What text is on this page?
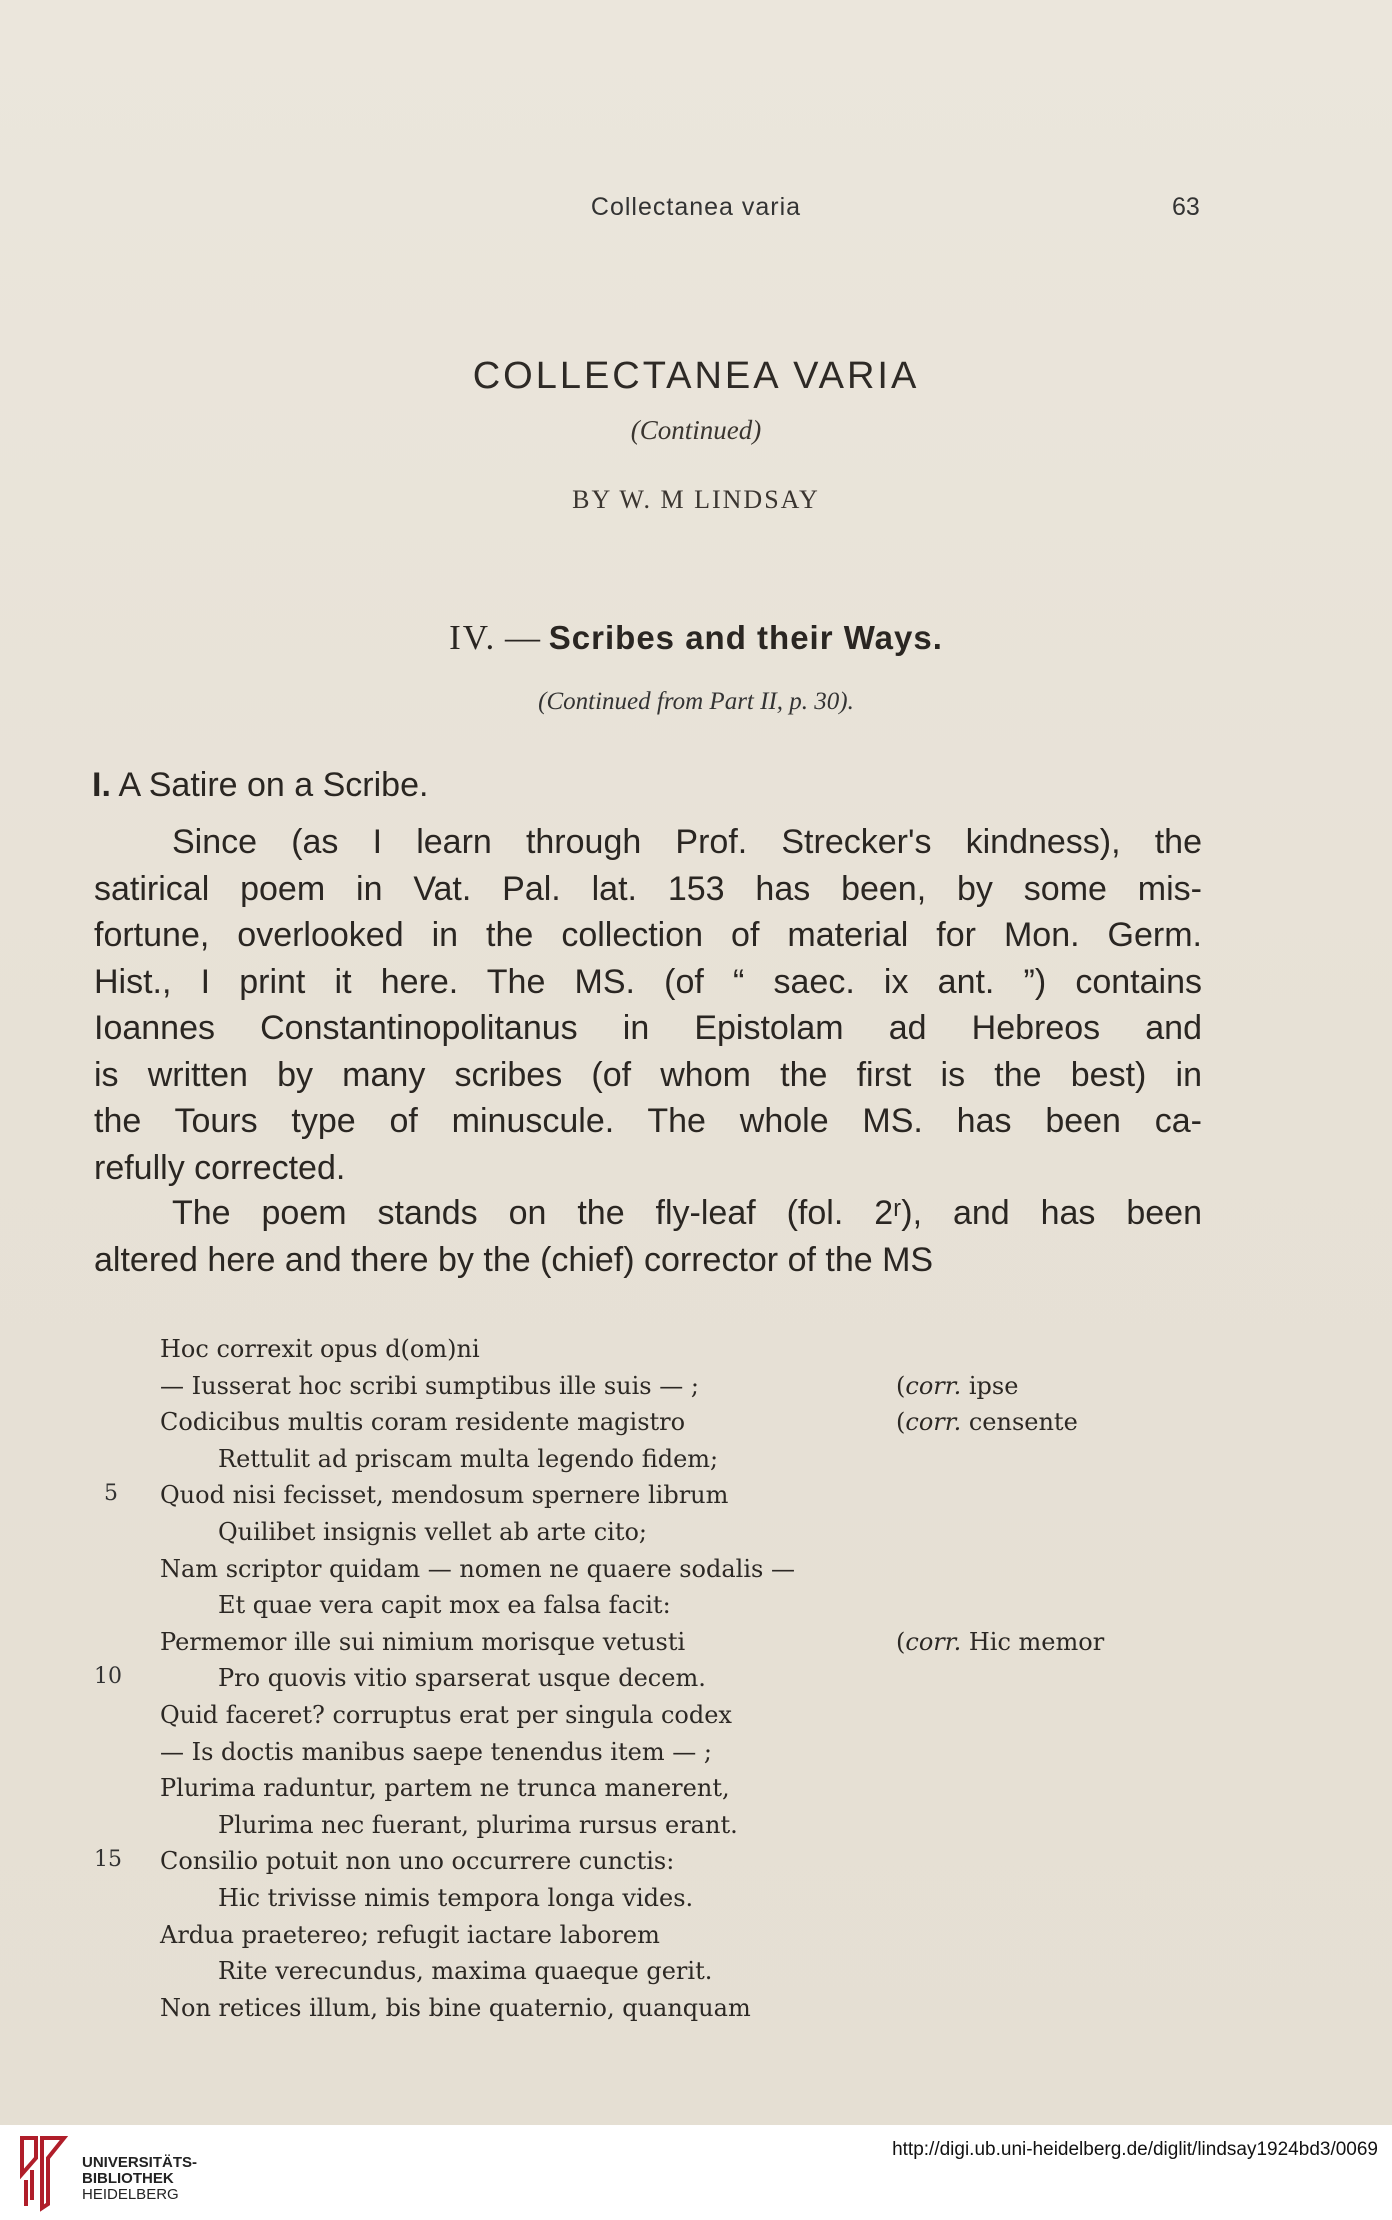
Collectanea varia	63
COLLECTANEA VARIA
(Continued)
BY W. M LINDSAY
IV. — Scribes and their Ways.
(Continued from Part II, p. 30).
I. A Satire on a Scribe.
Since (as I learn through Prof. Strecker's kindness), the
satirical poem in Vat. Pal. lat. 153 has been, by some mis-
fortune, overlooked in the collection of material for Mon. Germ.
Hist., I print it here. The MS. (of “ saec. ix ant. ”) contains
Ioannes Constantinopolitanus in Epistolam ad Hebreos and
is written by many scribes (of whom the first is the best) in
the Tours type of minuscule. The whole MS. has been ca-
refully corrected.
The poem stands on the fly-leaf (fol. 2ʳ), and has been
altered here and there by the (chief) corrector of the MS
Hoc correxit opus d(om)ni
— Iusserat hoc scribi sumptibus ille suis — ;	(corr. ipse
Codicibus multis coram residente magistro	(corr. censente
Rettulit ad priscam multa legendo fidem;
Quod nisi fecisset, mendosum spernere librum
5
Quilibet insignis vellet ab arte cito;
Nam scriptor quidam — nomen ne quaere sodalis —
Et quae vera capit mox ea falsa facit:
Permemor ille sui nimium morisque vetusti	(corr. Hic memor
Pro quovis vitio sparserat usque decem.
10
Quid faceret? corruptus erat per singula codex
— Is doctis manibus saepe tenendus item — ;
Plurima raduntur, partem ne trunca manerent,
Plurima nec fuerant, plurima rursus erant.
Consilio potuit non uno occurrere cunctis:
15
Hic trivisse nimis tempora longa vides.
Ardua praetereo; refugit iactare laborem
Rite verecundus, maxima quaeque gerit.
Non retices illum, bis bine quaternio, quanquam
UNIVERSITÄTS-
BIBLIOTHEK
HEIDELBERG
http://digi.ub.uni-heidelberg.de/diglit/lindsay1924bd3/0069
